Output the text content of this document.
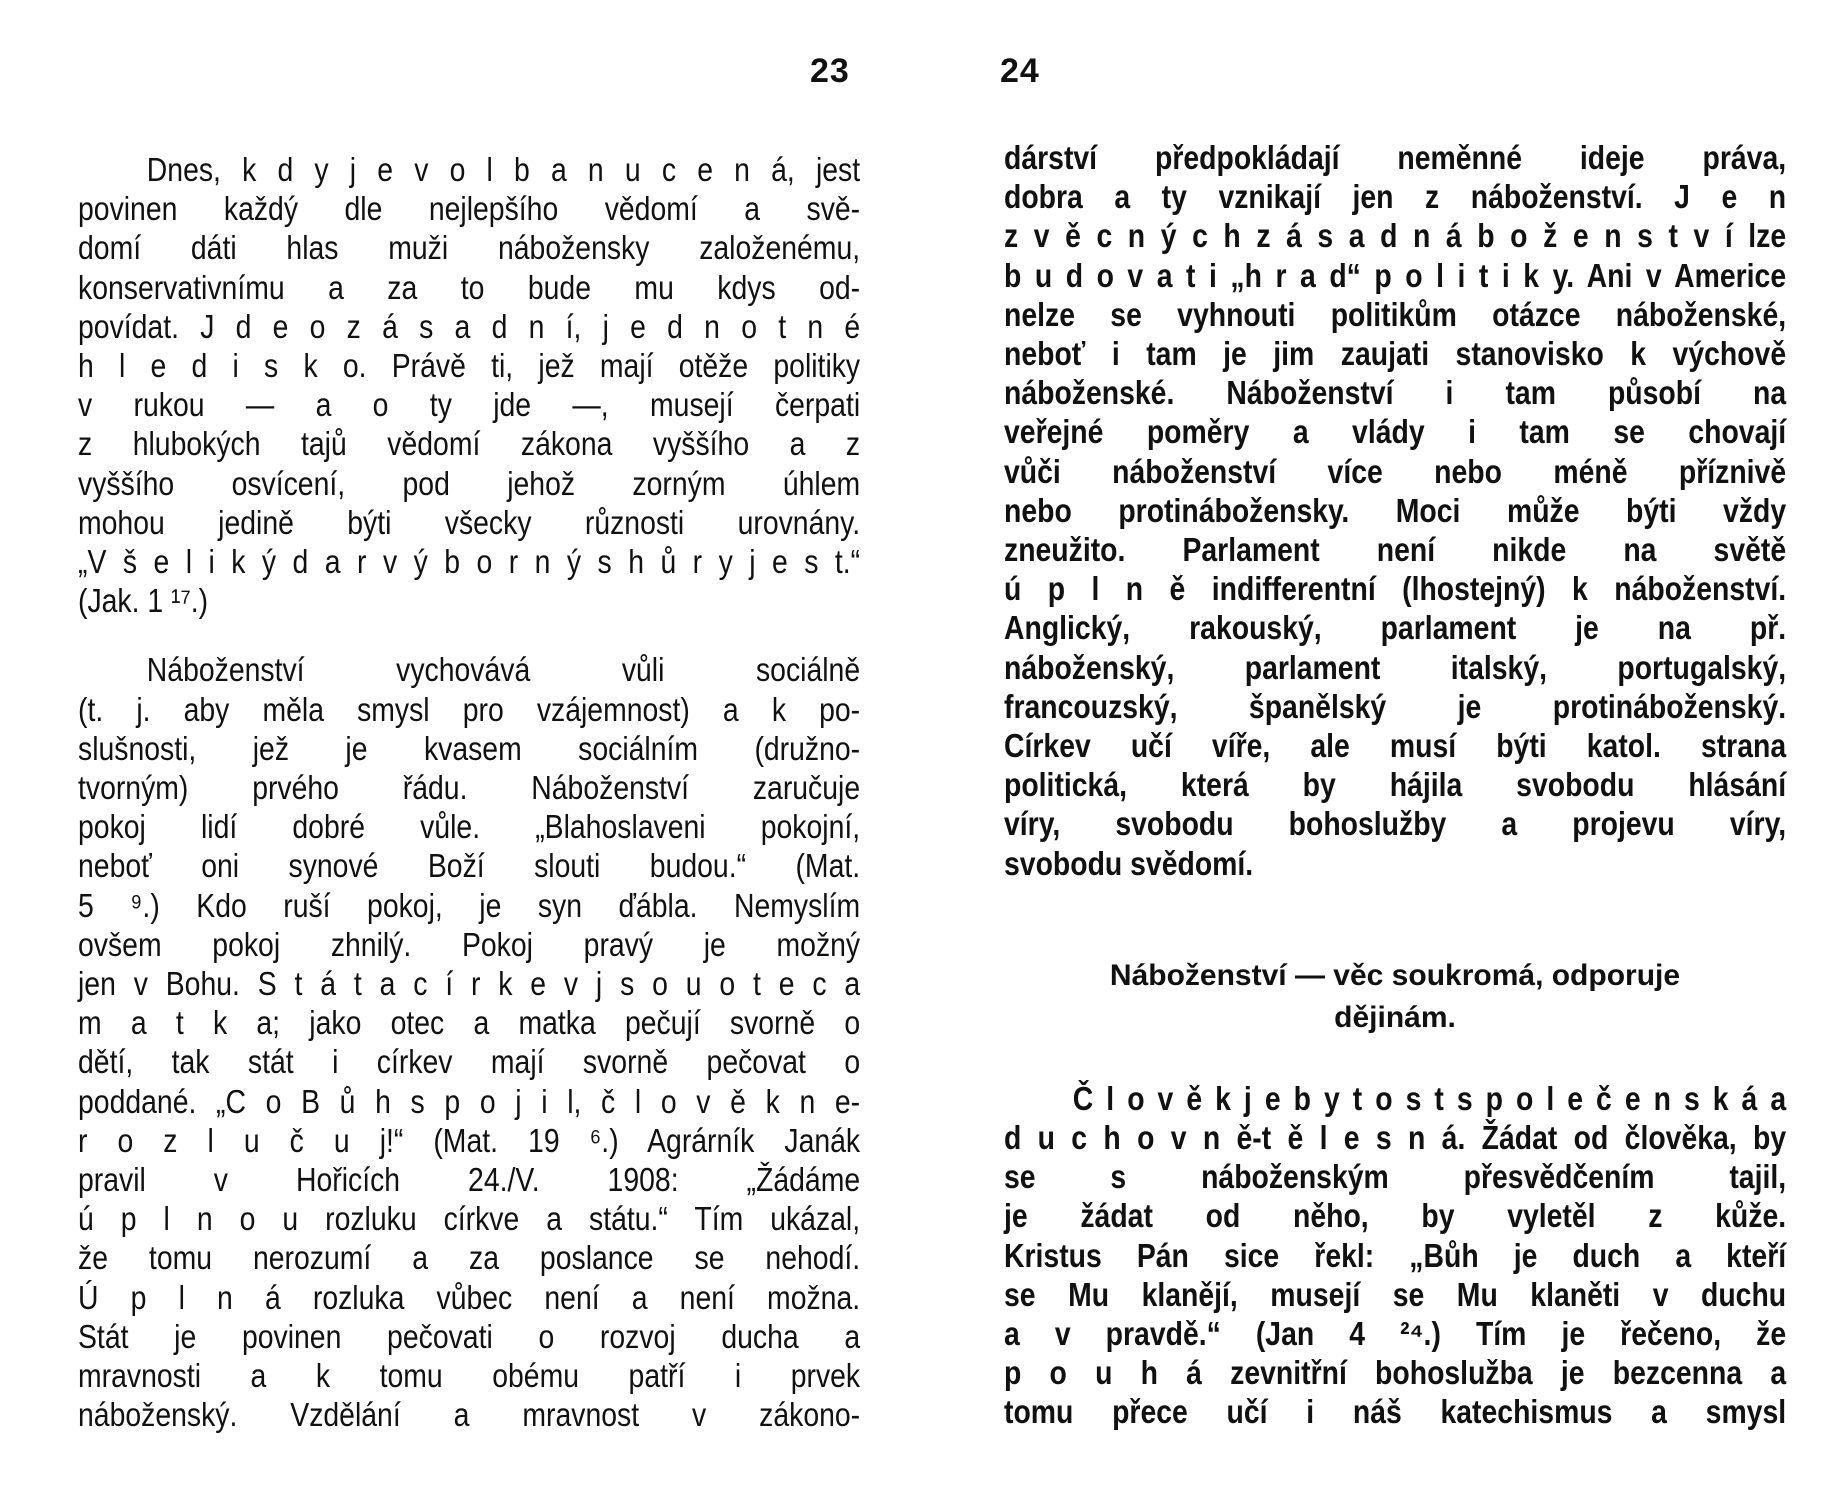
23
Dnes, k d y j e v o l b a n u c e n á, jest
povinen každý dle nejlepšího vědomí a svě-
domí dáti hlas muži nábožensky založenému,
konservativnímu a za to bude mu kdys od-
povídat. J d e o z á s a d n í, j e d n o t n é
h l e d i s k o. Právě ti, jež mají otěže politiky
v rukou — a o ty jde —, musejí čerpati
z hlubokých tajů vědomí zákona vyššího a z
vyššího osvícení, pod jehož zorným úhlem
mohou jedině býti všecky různosti urovnány.
„V š e l i k ý d a r v ý b o r n ý s h ů r y j e s t.“
(Jak. 1 ¹⁷.)
Náboženství vychovává vůli sociálně
(t. j. aby měla smysl pro vzájemnost) a k po-
slušnosti, jež je kvasem sociálním (družno-
tvorným) prvého řádu. Náboženství zaručuje
pokoj lidí dobré vůle. „Blahoslaveni pokojní,
neboť oni synové Boží slouti budou.“ (Mat.
5 ⁹.) Kdo ruší pokoj, je syn ďábla. Nemyslím
ovšem pokoj zhnilý. Pokoj pravý je možný
jen v Bohu. S t á t a c í r k e v j s o u o t e c a
m a t k a; jako otec a matka pečují svorně o
dětí, tak stát i církev mají svorně pečovat o
poddané. „C o B ů h s p o j i l, č l o v ě k n e-
r o z l u č u j!“ (Mat. 19 ⁶.) Agrárník Janák
pravil v Hořicích 24./V. 1908: „Žádáme
ú p l n o u rozluku církve a státu.“ Tím ukázal,
že tomu nerozumí a za poslance se nehodí.
Ú p l n á rozluka vůbec není a není možna.
Stát je povinen pečovati o rozvoj ducha a
mravnosti a k tomu obému patří i prvek
náboženský. Vzdělání a mravnost v zákono-
24
dárství předpokládají neměnné ideje práva,
dobra a ty vznikají jen z náboženství. J e n
z v ě c n ý c h z á s a d n á b o ž e n s t v í lze
b u d o v a t i „h r a d“ p o l i t i k y. Ani v Americe
nelze se vyhnouti politikům otázce náboženské,
neboť i tam je jim zaujati stanovisko k výchově
náboženské. Náboženství i tam působí na
veřejné poměry a vlády i tam se chovají
vůči náboženství více nebo méně příznivě
nebo protináboženskу. Moci může býti vždy
zneužito. Parlament není nikde na světě
ú p l n ě indifferentní (lhostejný) k náboženství.
Anglický, rakouský, parlament je na př.
náboženský, parlament italský, portugalský,
francouzský, španělský je protináboženský.
Církev učí víře, ale musí býti katol. strana
politická, která by hájila svobodu hlásání
víry, svobodu bohoslužby a projevu víry,
svobodu svědomí.
Náboženství — věc soukromá, odporuje
dějinám.
Č l o v ě k j e b y t o s t s p o l e č e n s k á a
d u c h o v n ě-t ě l e s n á. Žádat od člověka, by
se s náboženským přesvědčením tajil,
je žádat od něho, by vyletěl z kůže.
Kristus Pán sice řekl: „Bůh je duch a kteří
se Mu klanějí, musejí se Mu klaněti v duchu
a v pravdě.“ (Jan 4 ²⁴.) Tím je řečeno, že
p o u h á zevnitřní bohoslužba je bezcenna a
tomu přece učí i náš katechismus a smysl
